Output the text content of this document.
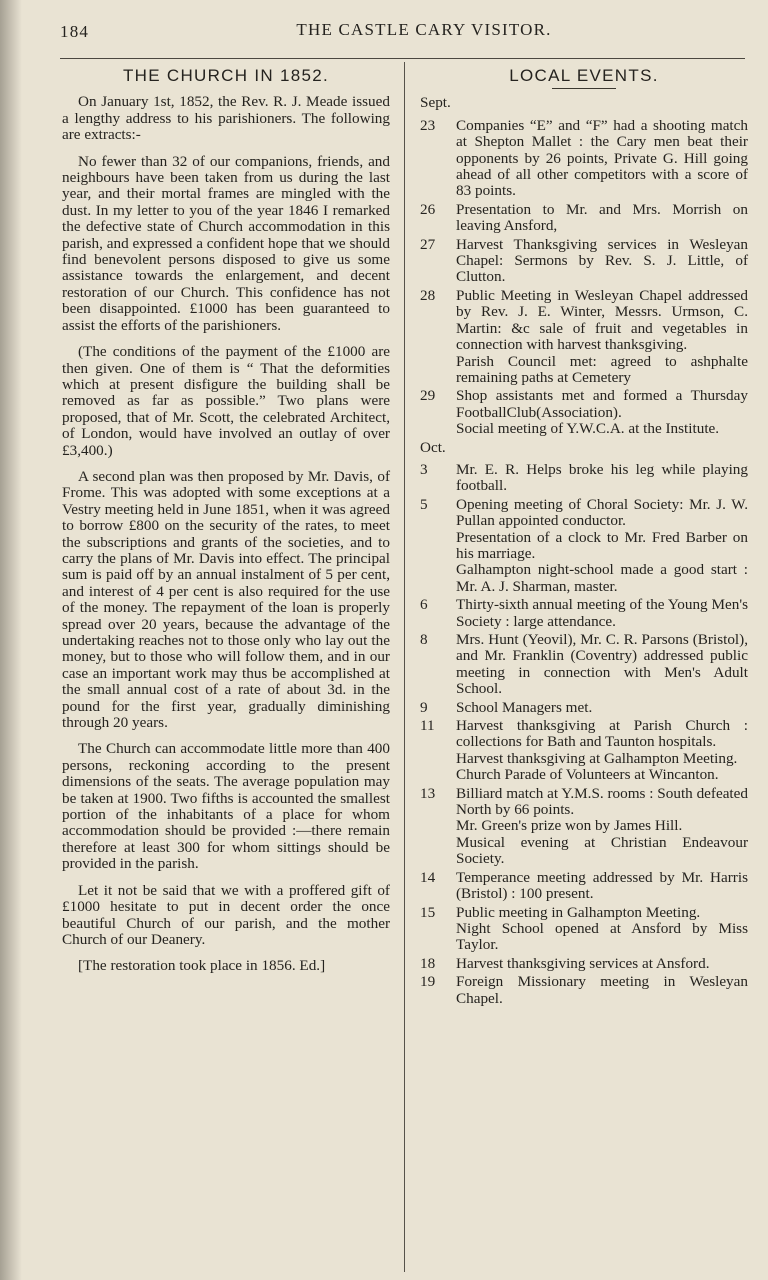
184	THE CASTLE CARY VISITOR.
THE CHURCH IN 1852.

On January 1st, 1852, the Rev. R. J. Meade issued a lengthy address to his parishioners. The following are extracts:-

No fewer than 32 of our companions, friends, and neighbours have been taken from us during the last year, and their mortal frames are mingled with the dust. In my letter to you of the year 1846 I remarked the defective state of Church accommodation in this parish, and expressed a confident hope that we should find benevolent persons disposed to give us some assistance towards the enlargement, and decent restoration of our Church. This confidence has not been disappointed. £1000 has been guaranteed to assist the efforts of the parishioners.

(The conditions of the payment of the £1000 are then given. One of them is “ That the deformities which at present disfigure the building shall be removed as far as possible.” Two plans were proposed, that of Mr. Scott, the celebrated Architect, of London, would have involved an outlay of over £3,400.)

A second plan was then proposed by Mr. Davis, of Frome. This was adopted with some exceptions at a Vestry meeting held in June 1851, when it was agreed to borrow £800 on the security of the rates, to meet the subscriptions and grants of the societies, and to carry the plans of Mr. Davis into effect. The principal sum is paid off by an annual instalment of 5 per cent, and interest of 4 per cent is also required for the use of the money. The repayment of the loan is properly spread over 20 years, because the advantage of the undertaking reaches not to those only who lay out the money, but to those who will follow them, and in our case an important work may thus be accomplished at the small annual cost of a rate of about 3d. in the pound for the first year, gradually diminishing through 20 years.

The Church can accommodate little more than 400 persons, reckoning according to the present dimensions of the seats. The average population may be taken at 1900. Two fifths is accounted the smallest portion of the inhabitants of a place for whom accommodation should be provided :—there remain therefore at least 300 for whom sittings should be provided in the parish.

Let it not be said that we with a proffered gift of £1000 hesitate to put in decent order the once beautiful Church of our parish, and the mother Church of our Deanery.

[The restoration took place in 1856. Ed.]

LOCAL EVENTS.
Sept.
23	Companies “E” and “F” had a shooting match at Shepton Mallet : the Cary men beat their opponents by 26 points, Private G. Hill going ahead of all other competitors with a score of 83 points.
26	Presentation to Mr. and Mrs. Morrish on leaving Ansford,
27	Harvest Thanksgiving services in Wesleyan Chapel: Sermons by Rev. S. J. Little, of Clutton.
28	Public Meeting in Wesleyan Chapel addressed by Rev. J. E. Winter, Messrs. Urmson, C. Martin: &c sale of fruit and vegetables in connection with harvest thanksgiving.
Parish Council met: agreed to ashphalte remaining paths at Cemetery
29	Shop assistants met and formed a Thursday FootballClub(Association).
Social meeting of Y.W.C.A. at the Institute.
Oct.
3	Mr. E. R. Helps broke his leg while playing football.
5	Opening meeting of Choral Society: Mr. J. W. Pullan appointed conductor.
Presentation of a clock to Mr. Fred Barber on his marriage.
Galhampton night-school made a good start : Mr. A. J. Sharman, master.
6	Thirty-sixth annual meeting of the Young Men's Society : large attendance.
8	Mrs. Hunt (Yeovil), Mr. C. R. Parsons (Bristol), and Mr. Franklin (Coventry) addressed public meeting in connection with Men's Adult School.
9	School Managers met.
11	Harvest thanksgiving at Parish Church : collections for Bath and Taunton hospitals.
Harvest thanksgiving at Galhampton Meeting.
Church Parade of Volunteers at Wincanton.
13	Billiard match at Y.M.S. rooms : South defeated North by 66 points.
Mr. Green's prize won by James Hill.
Musical evening at Christian Endeavour Society.
14	Temperance meeting addressed by Mr. Harris (Bristol) : 100 present.
15	Public meeting in Galhampton Meeting.
Night School opened at Ansford by Miss Taylor.
18	Harvest thanksgiving services at Ansford.
19	Foreign Missionary meeting in Wesleyan Chapel.
